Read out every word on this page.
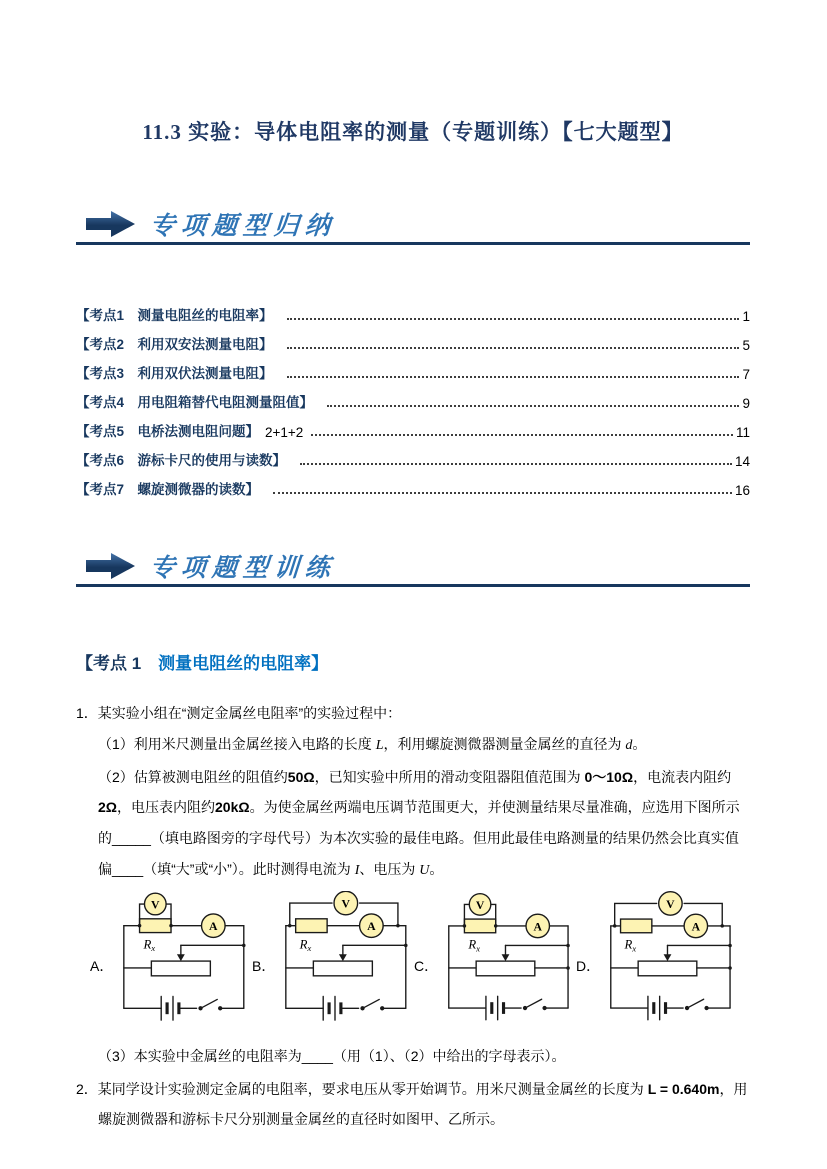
11.3 实验：导体电阻率的测量（专题训练）【七大题型】
专项题型归纳
【考点1　测量电阻丝的电阻率】	1
【考点2　利用双安法测量电阻】	5
【考点3　利用双伏法测量电阻】	7
【考点4　用电阻箱替代电阻测量阻值】	9
【考点5　电桥法测电阻问题】 2+1+2	11
【考点6　游标卡尺的使用与读数】	14
【考点7　螺旋测微器的读数】	16
专项题型训练
【考点 1　测量电阻丝的电阻率】

1．某实验小组在“测定金属丝电阻率”的实验过程中：

（1）利用米尺测量出金属丝接入电路的长度 L，利用螺旋测微器测量金属丝的直径为 d。

（2）估算被测电阻丝的阻值约50Ω，已知实验中所用的滑动变阻器阻值范围为 0～10Ω，电流表内阻约2Ω，电压表内阻约20kΩ。为使金属丝两端电压调节范围更大，并使测量结果尽量准确，应选用下图所示的_____（填电路图旁的字母代号）为本次实验的最佳电路。但用此最佳电路测量的结果仍然会比真实值偏____（填“大”或“小”）。此时测得电流为 I、电压为 U。

A．
A
V
$R_x$
B．
A
V
$R_x$
C．
A
V
$R_x$
D．
A
V
$R_x$

（3）本实验中金属丝的电阻率为____（用（1）、（2）中给出的字母表示）。

2．某同学设计实验测定金属的电阻率，要求电压从零开始调节。用米尺测量金属丝的长度为 L = 0.640m，用螺旋测微器和游标卡尺分别测量金属丝的直径时如图甲、乙所示。
